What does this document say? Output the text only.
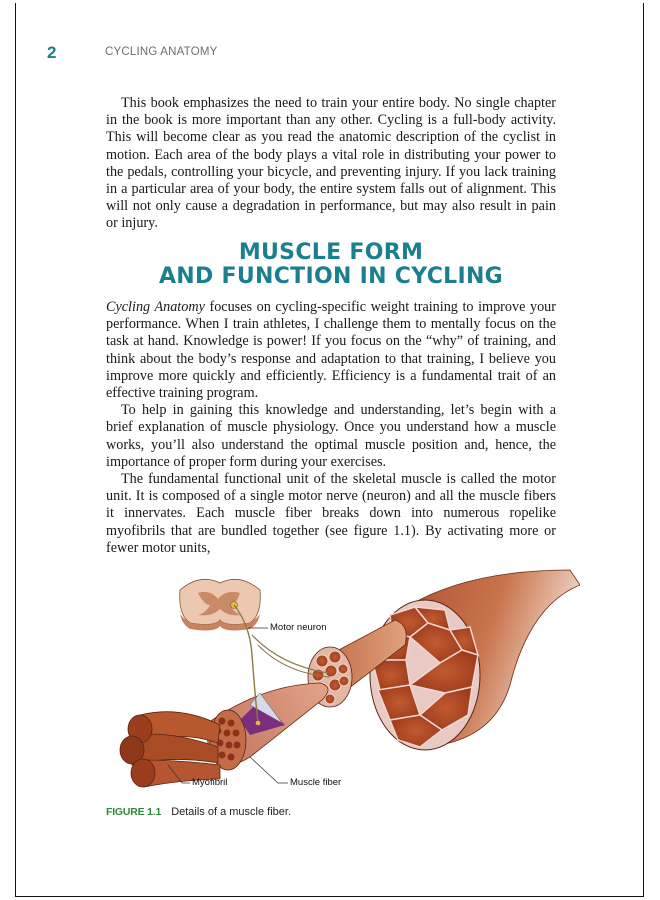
2	CYCLING ANATOMY

This book emphasizes the need to train your entire body. No single chapter in the book is more important than any other. Cycling is a full-body activity. This will become clear as you read the anatomic description of the cyclist in motion. Each area of the body plays a vital role in distributing your power to the pedals, controlling your bicycle, and preventing injury. If you lack training in a particular area of your body, the entire system falls out of alignment. This will not only cause a degradation in performance, but may also result in pain or injury.

MUSCLE FORM
AND FUNCTION IN CYCLING

Cycling Anatomy focuses on cycling-specific weight training to improve your performance. When I train athletes, I challenge them to mentally focus on the task at hand. Knowledge is power! If you focus on the “why” of training, and think about the body’s response and adaptation to that training, I believe you improve more quickly and efficiently. Efficiency is a fundamental trait of an effective training program.

To help in gaining this knowledge and understanding, let’s begin with a brief explanation of muscle physiology. Once you understand how a muscle works, you’ll also understand the optimal muscle position and, hence, the importance of proper form during your exercises.

The fundamental functional unit of the skeletal muscle is called the motor unit. It is composed of a single motor nerve (neuron) and all the muscle fibers it innervates. Each muscle fiber breaks down into numerous ropelike myofibrils that are bundled together (see figure 1.1). By activating more or fewer motor units,

Motor neuron
Myofibril	Muscle fiber
FIGURE 1.1 Details of a muscle fiber.
